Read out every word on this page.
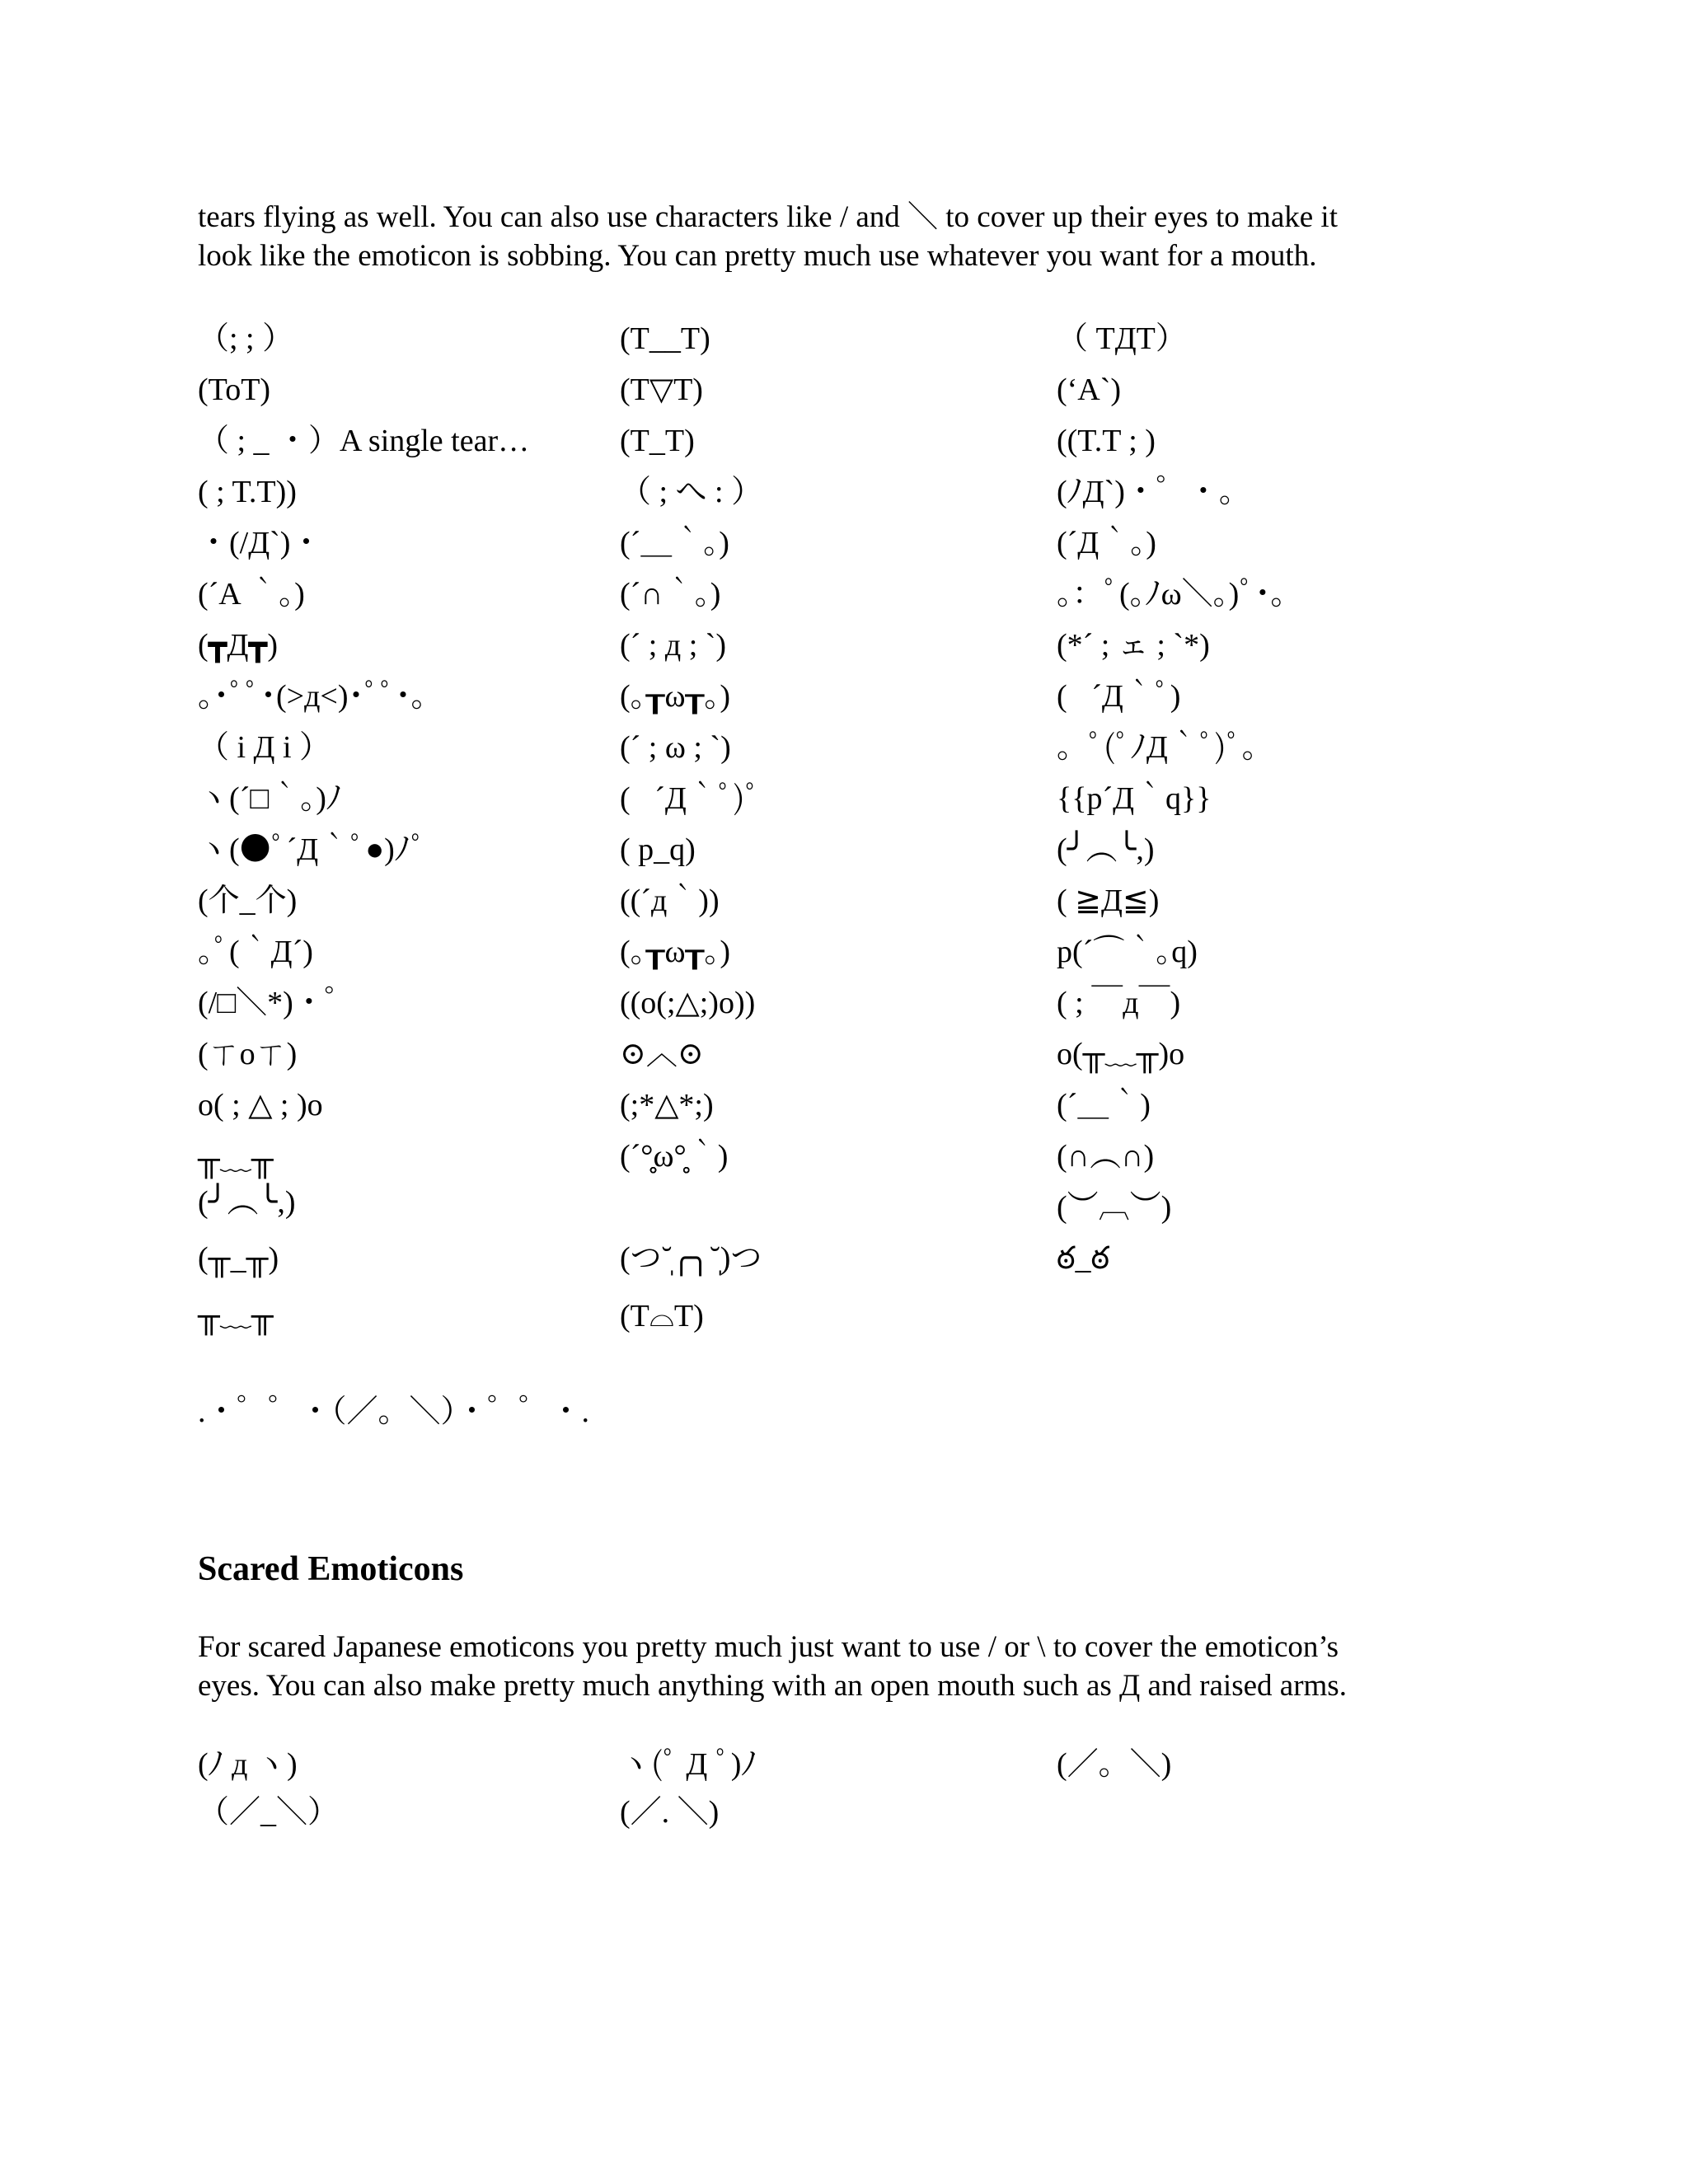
tears flying as well. You can also use characters like / and ＼ to cover up their eyes to make it
look like the emoticon is sobbing. You can pretty much use whatever you want for a mouth.

（; ; ）
(ToT)
（ ; _ ・）A single tear…
( ; T.T))
・(/Д`)・
(´A ｀。)
(┳Д┳)
｡･ﾟﾟ･(>д<)･ﾟﾟ･｡
（ i Д i ）
ヽ(´□｀。)ﾉ
ヽ(●ﾟ´Д｀ﾟ●)ﾉﾟ
(个_个)
｡ﾟ(｀Д´)ﾟ｡
(/□＼*)・゜
(ㄒoㄒ)
o( ; △ ; )o
╥﹏╥
(╯︵╰,)
(╥_╥)
╥﹏╥
.・゜゜・（／。＼）・゜゜・.
(T__T)
(T▽T)
(T_T)
（ ; へ : ）
(´＿｀。)
(´∩｀。)
(´ ; д ; `)
(｡┰ω┰｡)
(´ ; ω ; `)
(ﾟ´Д｀ﾟ)ﾟ
( p_q)
((´д｀))
(｡┰ω┰｡)
((o(;△;)o))
⊙︿⊙
(;*△*;)
(´°̥̥̥̥̥̥̥̥ω°̥̥̥̥̥̥̥̥｀)
(つ˘̩╭╮˘̩)つ
(T⌓T)
（ TДT）
(‘A`)
((T.T ; )
(ﾉД`)・゜・。
(´Д｀。)
。：ﾟ(｡ﾉω＼｡)ﾟ･｡
(*´ ; ェ ; `*)
(ﾟ´Д｀ﾟ)
。ﾟ(ﾟﾉД｀ﾟ)ﾟ。
{{p´Д｀q}}
(╯︵╰,)
( ≧Д≦)
p(´⌒｀｡q)
( ; ￣д￣)
o(╥﹏╥)o
(´＿｀)
(∩︵∩)
(︶︹︶)
ఠ_ఠ
Scared Emoticons

For scared Japanese emoticons you pretty much just want to use / or \ to cover the emoticon’s
eyes. You can also make pretty much anything with an open mouth such as Д and raised arms.

(ﾉ д ヽ)
（／_＼）
ヽ(ﾟ Д ﾟ)ﾉ
(／. ＼)
(／。＼)
